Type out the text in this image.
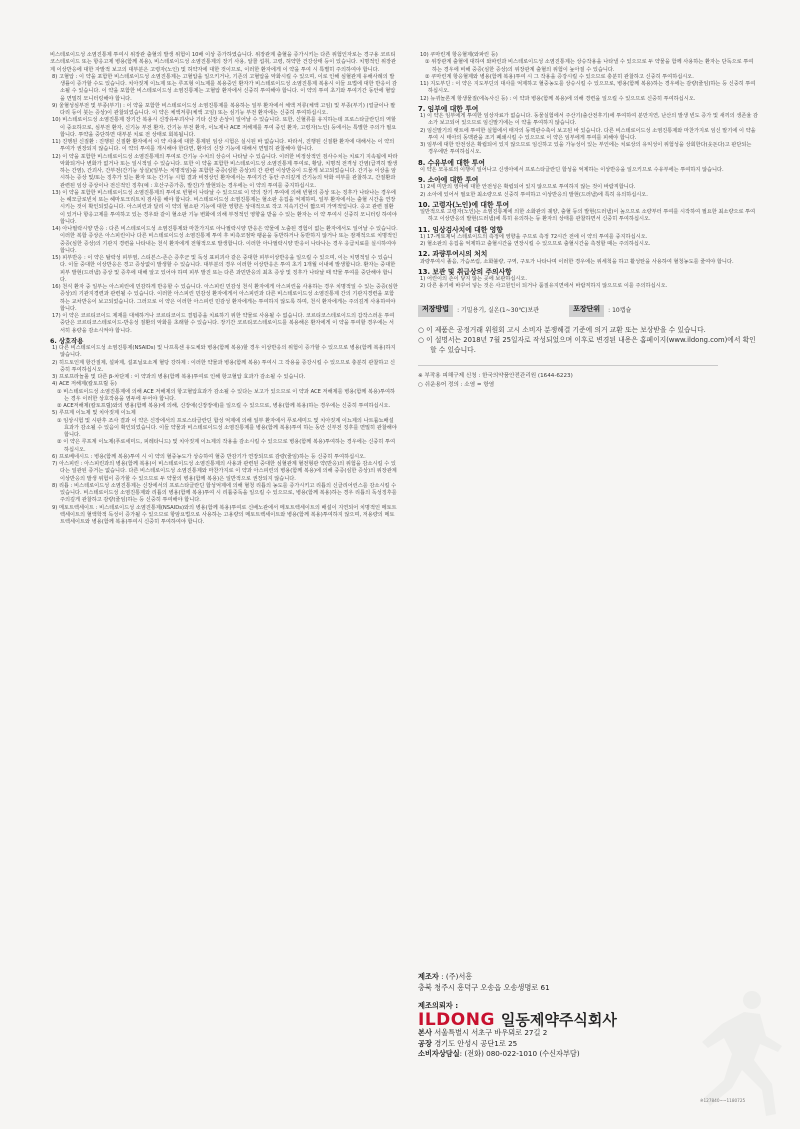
비스테로이드성 소염진통제 투여시 위장관 출혈의 발생 위험이 10배 이상 증가하였습니다. 위장관계 출혈을 증가시키는 다른 위험인자로는 경구용 코르티코스테로이드 또는 항응고제 병용(함께 복용), 비스테로이드성 소염진통제의 장기 사용, 알콜 섭취, 고령, 허약한 건강상태 등이 있습니다. 치명적인 위장관계 이상반응에 대한 자발적 보고의 대부분은 고령자(노인) 및 허약자에 대한 것이므로, 이러한 환자에게 이 약을 투여 시 특별히 주의하여야 합니다.

8) 고혈압 : 이 약을 포함한 비스테로이드성 소염진통제는 고혈압을 일으키거나, 기존의 고혈압을 악화시킬 수 있으며, 이로 인해 심혈관계 유해사례의 발생률이 증가할 수도 있습니다. 치아짓계 이뇨제 또는 루프형 이뇨제를 복용중인 환자가 비스테로이드성 소염진통제 복용시 이들 요법에 대한 반응이 감소될 수 있습니다. 이 약을 포함한 비스테로이드성 소염진통제는 고혈압 환자에서 신중히 투여해야 합니다. 이 약의 투여 초기와 투여기간 동안에 혈압을 면밀히 모니터링해야 합니다.

9) 울혈성심부전 및 부종(부기) : 이 약을 포함한 비스테로이드성 소염진통제를 복용하는 일부 환자에서 체액 저류(체액 고임) 및 부종(부기) (얼굴이나 팔다리 등이 붓는 증상)이 관찰되었습니다. 이 약은 체액저류(체액 고임) 또는 심기능 부전 환자에는 신중히 투여하십시오.

10) 비스테로이드성 소염진통제 장기간 복용시 신장유두괴사나 기타 신장 손상이 일어날 수 있습니다. 또한, 신혈류를 유지하는데 프로스타글란딘의 역할이 중요하므로, 심부전 환자, 신기능 부전 환자, 간기능 부전 환자, 이뇨제나 ACE 저해제를 투여 중인 환자, 고령자(노인) 등에서는 특별한 주의가 필요합니다. 투약을 중단하면 대부분 치료 전 상태로 회복됩니다.

11) 진행된 신질환 : 진행된 신질환 환자에서 이 약 사용에 대한 통제된 임상 시험은 실시된 바 없습니다. 따라서, 진행된 신질환 환자에 대해서는 이 약의 투여가 권장되지 않습니다. 이 약의 투여를 개시해야 한다면, 환자의 신장 기능에 대해서 면밀히 관찰해야 합니다.

12) 이 약을 포함한 비스테로이드성 소염진통제의 투여로 간기능 수치의 상승이 나타날 수 있습니다. 이러한 비정상적인 검사수치는 치료기 지속됨에 따라 악화되거나 변화가 없거나 또는 일시적일 수 있습니다. 또한 이 약을 포함한 비스테로이드성 소염진통제 투여로, 황달, 치명적 전격성 간염(급격히 발생하는 간염), 간괴사, 간부전(간기능 상실)(일부는 치명적임)을 포함한 중증(심한 증상)의 간 관련 이상반응이 드물게 보고되었습니다. 간기능 이상을 암시하는 증상 및/또는 징후가 있는 환자 또는 간기능 시험 결과 비정상인 환자에서는 투여기간 동안 주의깊게 간기능의 악화 여부를 관찰하고, 간질환과 관련된 임상 증상이나 전신적인 징후(예 : 호산구증가증, 발진)가 발현되는 경우에는 이 약의 투여를 중지하십시오.

13) 이 약을 포함한 비스테로이드성 소염진통제의 투여로 빈혈이 나타날 수 있으므로 이 약의 장기 투여에 의해 빈혈의 증상 또는 징후가 나타나는 경우에는 헤모글로빈치 또는 헤마토크리트치 검사를 해야 합니다. 비스테로이드성 소염진통제는 혈소판 응집을 억제하며, 일부 환자에서는 출혈 시간을 연장시키는 것이 확인되었습니다. 아스피린과 달리 이 약의 혈소판 기능에 대한 영향은 상대적으로 작고 지속기간이 짧으며 가역적입니다. 응고 관련 질환이 있거나 항응고제를 투여하고 있는 경우와 같이 혈소판 기능 변화에 의해 부정적인 영향을 받을 수 있는 환자는 이 약 투여시 신중히 모니터링 하여야 합니다.

14) 아나필락시양 반응 : 다른 비스테로이드성 소염진통제와 마찬가지로 아나필락시양 반응은 약물에 노출된 경험이 없는 환자에서도 일어날 수 있습니다. 이러한 복합 증상은 아스피린이나 다른 비스테로이드성 소염진통제 투여 후 비측코점막 팽윤을 동반하거나 동반하지 않거나 또는 잠재적으로 치명적인 중증(심한 증상)의 기관지 경련을 나타내는 천식 환자에게 전형적으로 발생합니다. 이러한 아나필락시양 반응이 나타나는 경우 응급치료를 실시하여야 합니다.

15) 피부반응 : 이 약은 탈락성 피부염, 스티븐스-존슨 증후군 및 독성 표피괴사 같은 중대한 피부이상반응을 일으킬 수 있으며, 이는 치명적일 수 있습니다. 이들 중대한 이상반응은 경고 증상없이 발생할 수 있습니다. 대부분의 경우 이러한 이상반응은 투여 초기 1개월 이내에 발생합니다. 환자는 중대한 피부 발현(드러냄) 증상 및 증후에 대해 알고 있어야 하며 피부 발진 또는 다른 과민반응의 최초 증상 및 징후가 나타날 때 약물 투여를 중단해야 합니다.

16) 천식 환자 중 일부는 아스피린에 민감하게 반응할 수 있습니다. 아스피린 민감성 천식 환자에게 아스피린을 사용하는 경우 치명적일 수 있는 중증(심한 증상)의 기관지경련과 관련될 수 있습니다. 이러한 아스피린 민감성 환자에게서 아스피린과 다른 비스테로이드성 소염진통제 간의 기관지경련을 포함하는 교차반응이 보고되었습니다. 그러므로 이 약은 이러한 아스피린 민감성 환자에게는 투여하지 않도록 하며, 천식 환자에게는 주의깊게 사용하여야 합니다.

17) 이 약은 코르티코이드 제재를 대체하거나 코르티코이드 결핍증을 치료하기 위한 약물로 사용될 수 없습니다. 코르티코스테로이드의 갑작스러운 투여 중단은 코르티코스테로이드-반응성 질환의 악화를 초래할 수 있습니다. 장기간 코르티코스테로이드를 복용해온 환자에게 이 약을 투여할 경우에는 서서히 용량을 감소시켜야 합니다.

6. 상호작용

1) 다른 비스테로이드성 소염진통제(NSAIDs) 및 나프록센 유도체와 병용(함께 복용)할 경우 이상반응의 위험이 증가할 수 있으므로 병용(함께 복용)하지 않습니다.

2) 히드토인계 항간질제, 설파제, 설포닐요소계 혈당 강하제 : 이러한 약물과 병용(함께 복용) 투여시 그 작용을 증강시킬 수 있으므로 충분히 관찰하고 신중히 투여하십시오.

3) 프로프라놀롤 및 다른 β-차단제 : 이 약과의 병용(함께 복용)투여로 인해 항고혈압 효과가 감소될 수 있습니다.

4) ACE 저해제(칼토프릴 등)

① 비스테로이드성 소염진통제에 의해 ACE 저해제의 항고혈압효과가 감소될 수 있다는 보고가 있으므로 이 약과 ACE 저해제를 병용(함께 복용)투여하는 경우 이러한 상호작용을 염두에 두어야 합니다.

② ACE저해제(칼토프릴)와의 병용(함께 복용)에 의해, 신장애(신장장애)를 일으킬 수 있으므로, 병용(함께 복용)하는 경우에는 신중히 투여하십시오.

5) 루프계 이뇨제 및 치아짓계 이뇨제

① 임상시험 및 시판후 조사 결과 이 약은 신장에서의 프로스타글란딘 합성 억제에 의해 일부 환자에서 푸로세미드 및 치아짓계 이뇨제의 나트륨뇨배설 효과가 감소될 수 있음이 확인되었습니다. 이들 약물과 비스테로이드성 소염진통제를 병용(함께 복용)투여 하는 동안 신부전 징후를 면밀히 관찰해야 합니다.

② 이 약은 루프계 이뇨제(푸로세미드, 피레타니드) 및 치아짓계 이뇨제의 작용을 감소시킬 수 있으므로 병용(함께 복용)투여하는 경우에는 신중히 투여하십시오.

6) 프로베네시드 : 병용(함께 복용)투여 시 이 약의 혈중농도가 상승하여 혈중 반감기가 연장되므로 감량(줄임)하는 등 신중히 투여하십시오.

7) 아스피린 : 아스피린과의 병용(함께 복용)이 비스테로이드성 소염진통제의 사용과 관련된 중대한 심혈관계 혈전형관 약(반응)의 위험을 감소시킬 수 있다는 일관된 증거는 없습니다. 다른 비스테로이드성 소염진통제와 마찬가지로 이 약과 아스피린의 병용(함께 복용)에 의해 중증(심한 증상)의 위장관계 이상반응의 발생 위험이 증가할 수 있으므로 두 약물의 병용(함께 복용)은 일반적으로 권장되지 않습니다.

8) 리튬 : 비스테로이드성 소염진통제는 신장에서의 프로스타글란딘 합성억제에 의해 혈청 리튬의 농도를 증가시키고 리튬의 신클리어런스를 감소시킬 수 있습니다. 비스테로이드성 소염진통제와 리튬의 병용(함께 복용)투여 시 리튬중독을 일으킬 수 있으므로, 병용(함께 복용)하는 경우 리튬의 독성징후를 주의깊게 관찰하고 감량(줄임)하는 등 신중히 투여해야 합니다.

9) 메토트렉세이트 : 비스테로이드성 소염진통제(NSAIDs)와의 병용(함께 복용)투여로 신배노관에서 메토트렉세이트의 배설이 지연되어 치명적인 메토트렉세이트의 혈액학적 독성이 증가될 수 있으므로 항암요법으로 사용하는 고용량의 메토트렉세이트와 병용(함께 복용)투여하지 않으며, 저용량의 메토트렉세이트와 병용(함께 복용)투여시 신중히 투여하여야 합니다.

10) 쿠마린계 항응혈제(와파린 등)

① 위장관계 출혈에 대하여 와파린과 비스테로이드성 소염진통제는 상승작용을 나타낼 수 있으므로 두 약물을 함께 사용하는 환자는 단독으로 투여하는 경우에 비해 중증(심한 증상)의 위장관계 출혈의 위험이 높아질 수 있습니다.

② 쿠마린계 항응혈제와 병용(함께 복용)투여 시 그 작용을 증강시킬 수 있으므로 충분히 관찰하고 신중히 투여하십시오.

11) 지도부딘 : 이 약은 지도부딘의 대사를 억제하고 혈중농도를 상승시킬 수 있으므로, 병용(함께 복용)하는 경우에는 감량(줄임)하는 등 신중히 투여하십시오.

12) 뉴퀴놀론계 항생물질(에녹사신 등) : 이 약과 병용(함께 복용)에 의해 경련을 일으킬 수 있으므로 신중히 투여하십시오.

7. 임부에 대한 투여

1) 이 약은 임부에게 투여한 임상자료가 없습니다. 동물실험에서 주산기(출산전후기)에 투여하여 분만지연, 난산의 발생 빈도 증가 및 새끼의 생존율 감소가 보고되어 있으므로 임신말기에는 이 약을 투여하지 않습니다.

2) 임신말기의 랫트에 투여한 실험에서 태자의 동맥관수축이 보고된 바 있습니다. 다른 비스테로이드성 소염진통제와 마찬가지로 임신 말기에 이 약을 투여 시 태아의 동맥관을 조기 폐쇄시킬 수 있으므로 이 약은 임부에게 투여를 피해야 합니다.

3) 임부에 대한 안전성은 확립되어 있지 않으므로 임신하고 있을 가능성이 있는 부인에는 치료상의 유익성이 위험성을 상회한다(웃돈다)고 판단되는 경우에만 투여하십시오.

8. 수유부에 대한 투여

이 약은 모유로의 이행이 일어나고 신생아에서 프로스타글란딘 합성을 억제하는 이상반응을 일으키므로 수유부에는 투여하지 않습니다.

9. 소아에 대한 투여

1) 2세 미만의 영아에 대한 안전성은 확립되어 있지 않으므로 투여하지 않는 것이 바람직합니다.

2) 소아에 있어서 필요한 최소량으로 신중히 투여하고 이상반응의 발현(드러냄)에 특히 유의하십시오.

10. 고령자(노인)에 대한 투여

일반적으로 고령자(노인)는 소염진통제에 의한 소화관의 궤양, 출혈 등의 발현(드러냄)이 높으므로 소량부터 투여를 시작하여 필요한 최소량으로 투여하고 이상반응의 발현(드러냄)에 특히 유의하는 등 환자의 상태를 관찰하면서 신중히 투여하십시오.

11. 임상검사치에 대한 영향

1) 17-케토제닉 스테로이드의 측정에 영향을 주므로 측정 72시간 전에 이 약의 투여를 중지하십시오.

2) 혈소판의 응집을 억제하고 출혈시간을 연장시킬 수 있으므로 출혈시간을 측정할 때는 주의하십시오.

12. 과량투여시의 처치

과량투여시 졸음, 가슴쓰림, 소화불량, 구역, 구토가 나타나며 이러한 경우에는 위세척을 하고 활성탄을 사용하여 혈청농도를 줄여야 합니다.

13. 보관 및 취급상의 주의사항

1) 어린이의 손이 닿지 않는 곳에 보관하십시오.

2) 다른 용기에 바꾸어 넣는 것은 사고원인이 되거나 품질유지면에서 바람직하지 않으므로 이를 주의하십시오.

저장방법	: 기밀용기, 실온(1~30℃)보관	포장단위	: 10캡슐

○ 이 제품은 공정거래 위원회 고시 소비자 분쟁해결 기준에 의거 교환 또는 보상받을 수 있습니다.

○ 이 설명서는 2018년 7월 25일자로 작성되었으며 이후로 변경된 내용은 홈페이지(www.ildong.com)에서 확인할 수 있습니다.

※ 부작용 피해구제 신청 : 한국의약품안전관리원 (1644-6223)

○ 쉬운용어 정의 : 소염 = 항염

제조자 : (주)서흥

충북 청주시 흥덕구 오송읍 오송생명로 61

제조의뢰자 :

ILDONG 일동제약주식회사

본사 서울특별시 서초구 바우뫼로 27길 2

공장 경기도 안성시 공단1로 25

소비자상담실: (전화) 080-022-1010 (수신자부담)

※127840~~1180725
